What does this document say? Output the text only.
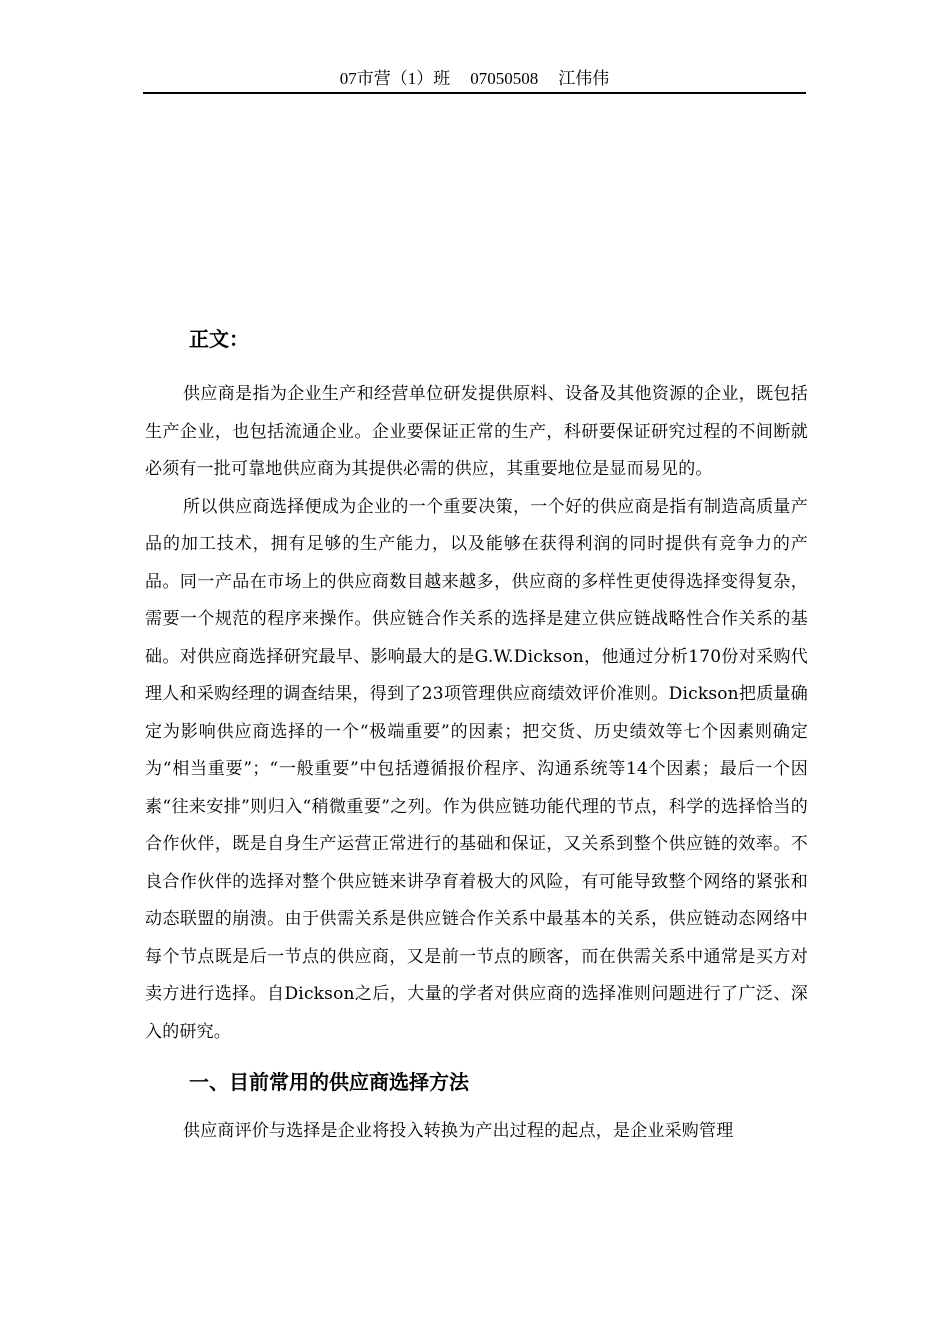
07市营（1）班 07050508 江伟伟
正文：

供应商是指为企业生产和经营单位研发提供原料、设备及其他资源的企业，既包括生产企业，也包括流通企业。企业要保证正常的生产，科研要保证研究过程的不间断就必须有一批可靠地供应商为其提供必需的供应，其重要地位是显而易见的。

所以供应商选择便成为企业的一个重要决策，一个好的供应商是指有制造高质量产品的加工技术，拥有足够的生产能力，以及能够在获得利润的同时提供有竞争力的产品。同一产品在市场上的供应商数目越来越多，供应商的多样性更使得选择变得复杂，需要一个规范的程序来操作。供应链合作关系的选择是建立供应链战略性合作关系的基础。对供应商选择研究最早、影响最大的是G.W.Dickson，他通过分析170份对采购代理人和采购经理的调查结果，得到了23项管理供应商绩效评价准则。Dickson把质量确定为影响供应商选择的一个“极端重要”的因素；把交货、历史绩效等七个因素则确定为“相当重要”；“一般重要”中包括遵循报价程序、沟通系统等14个因素；最后一个因素“往来安排”则归入“稍微重要”之列。作为供应链功能代理的节点，科学的选择恰当的合作伙伴，既是自身生产运营正常进行的基础和保证，又关系到整个供应链的效率。不良合作伙伴的选择对整个供应链来讲孕育着极大的风险，有可能导致整个网络的紧张和动态联盟的崩溃。由于供需关系是供应链合作关系中最基本的关系，供应链动态网络中每个节点既是后一节点的供应商，又是前一节点的顾客，而在供需关系中通常是买方对卖方进行选择。自Dickson之后，大量的学者对供应商的选择准则问题进行了广泛、深入的研究。

一、目前常用的供应商选择方法

供应商评价与选择是企业将投入转换为产出过程的起点，是企业采购管理
